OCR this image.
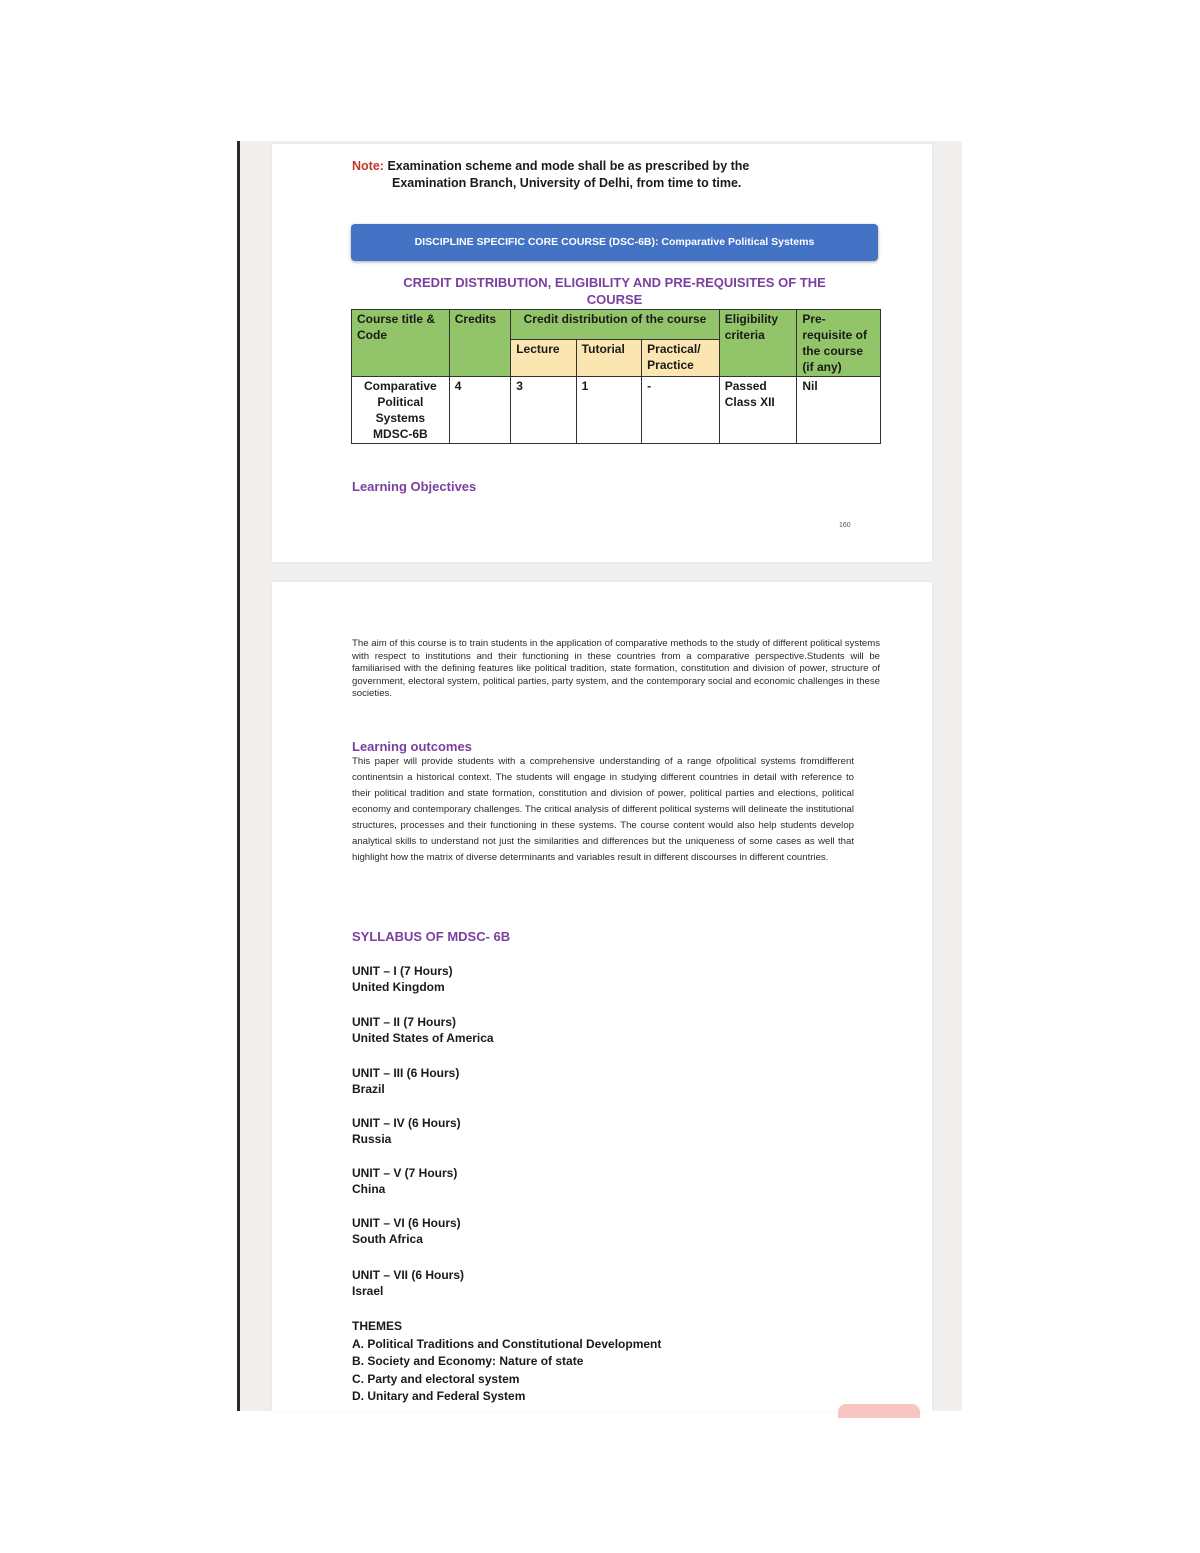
Note: Examination scheme and mode shall be as prescribed by the
Examination Branch, University of Delhi, from time to time.
DISCIPLINE SPECIFIC CORE COURSE (DSC-6B): Comparative Political Systems
CREDIT DISTRIBUTION, ELIGIBILITY AND PRE-REQUISITES OF THE
COURSE
Course title & Code	Credits	Credit distribution of the course			Eligibility criteria	Pre-requisite of the course (if any)
		Lecture	Tutorial	Practical/ Practice		
Comparative Political Systems MDSC-6B	4	3	1	-	Passed Class XII	Nil
Learning Objectives
160
The aim of this course is to train students in the application of comparative methods to the study of different political systems with respect to institutions and their functioning in these countries from a comparative perspective.Students will be familiarised with the defining features like political tradition, state formation, constitution and division of power, structure of government, electoral system, political parties, party system, and the contemporary social and economic challenges in these societies.
Learning outcomes
This paper will provide students with a comprehensive understanding of a range ofpolitical systems fromdifferent continentsin a historical context. The students will engage in studying different countries in detail with reference to their political tradition and state formation, constitution and division of power, political parties and elections, political economy and contemporary challenges. The critical analysis of different political systems will delineate the institutional structures, processes and their functioning in these systems. The course content would also help students develop analytical skills to understand not just the similarities and differences but the uniqueness of some cases as well that highlight how the matrix of diverse determinants and variables result in different discourses in different countries.
SYLLABUS OF MDSC- 6B
UNIT – I (7 Hours)
United Kingdom
UNIT – II (7 Hours)
United States of America
UNIT – III (6 Hours)
Brazil
UNIT – IV (6 Hours)
Russia
UNIT – V (7 Hours)
China
UNIT – VI (6 Hours)
South Africa
UNIT – VII (6 Hours)
Israel
THEMES
A. Political Traditions and Constitutional Development
B. Society and Economy: Nature of state
C. Party and electoral system
D. Unitary and Federal System
